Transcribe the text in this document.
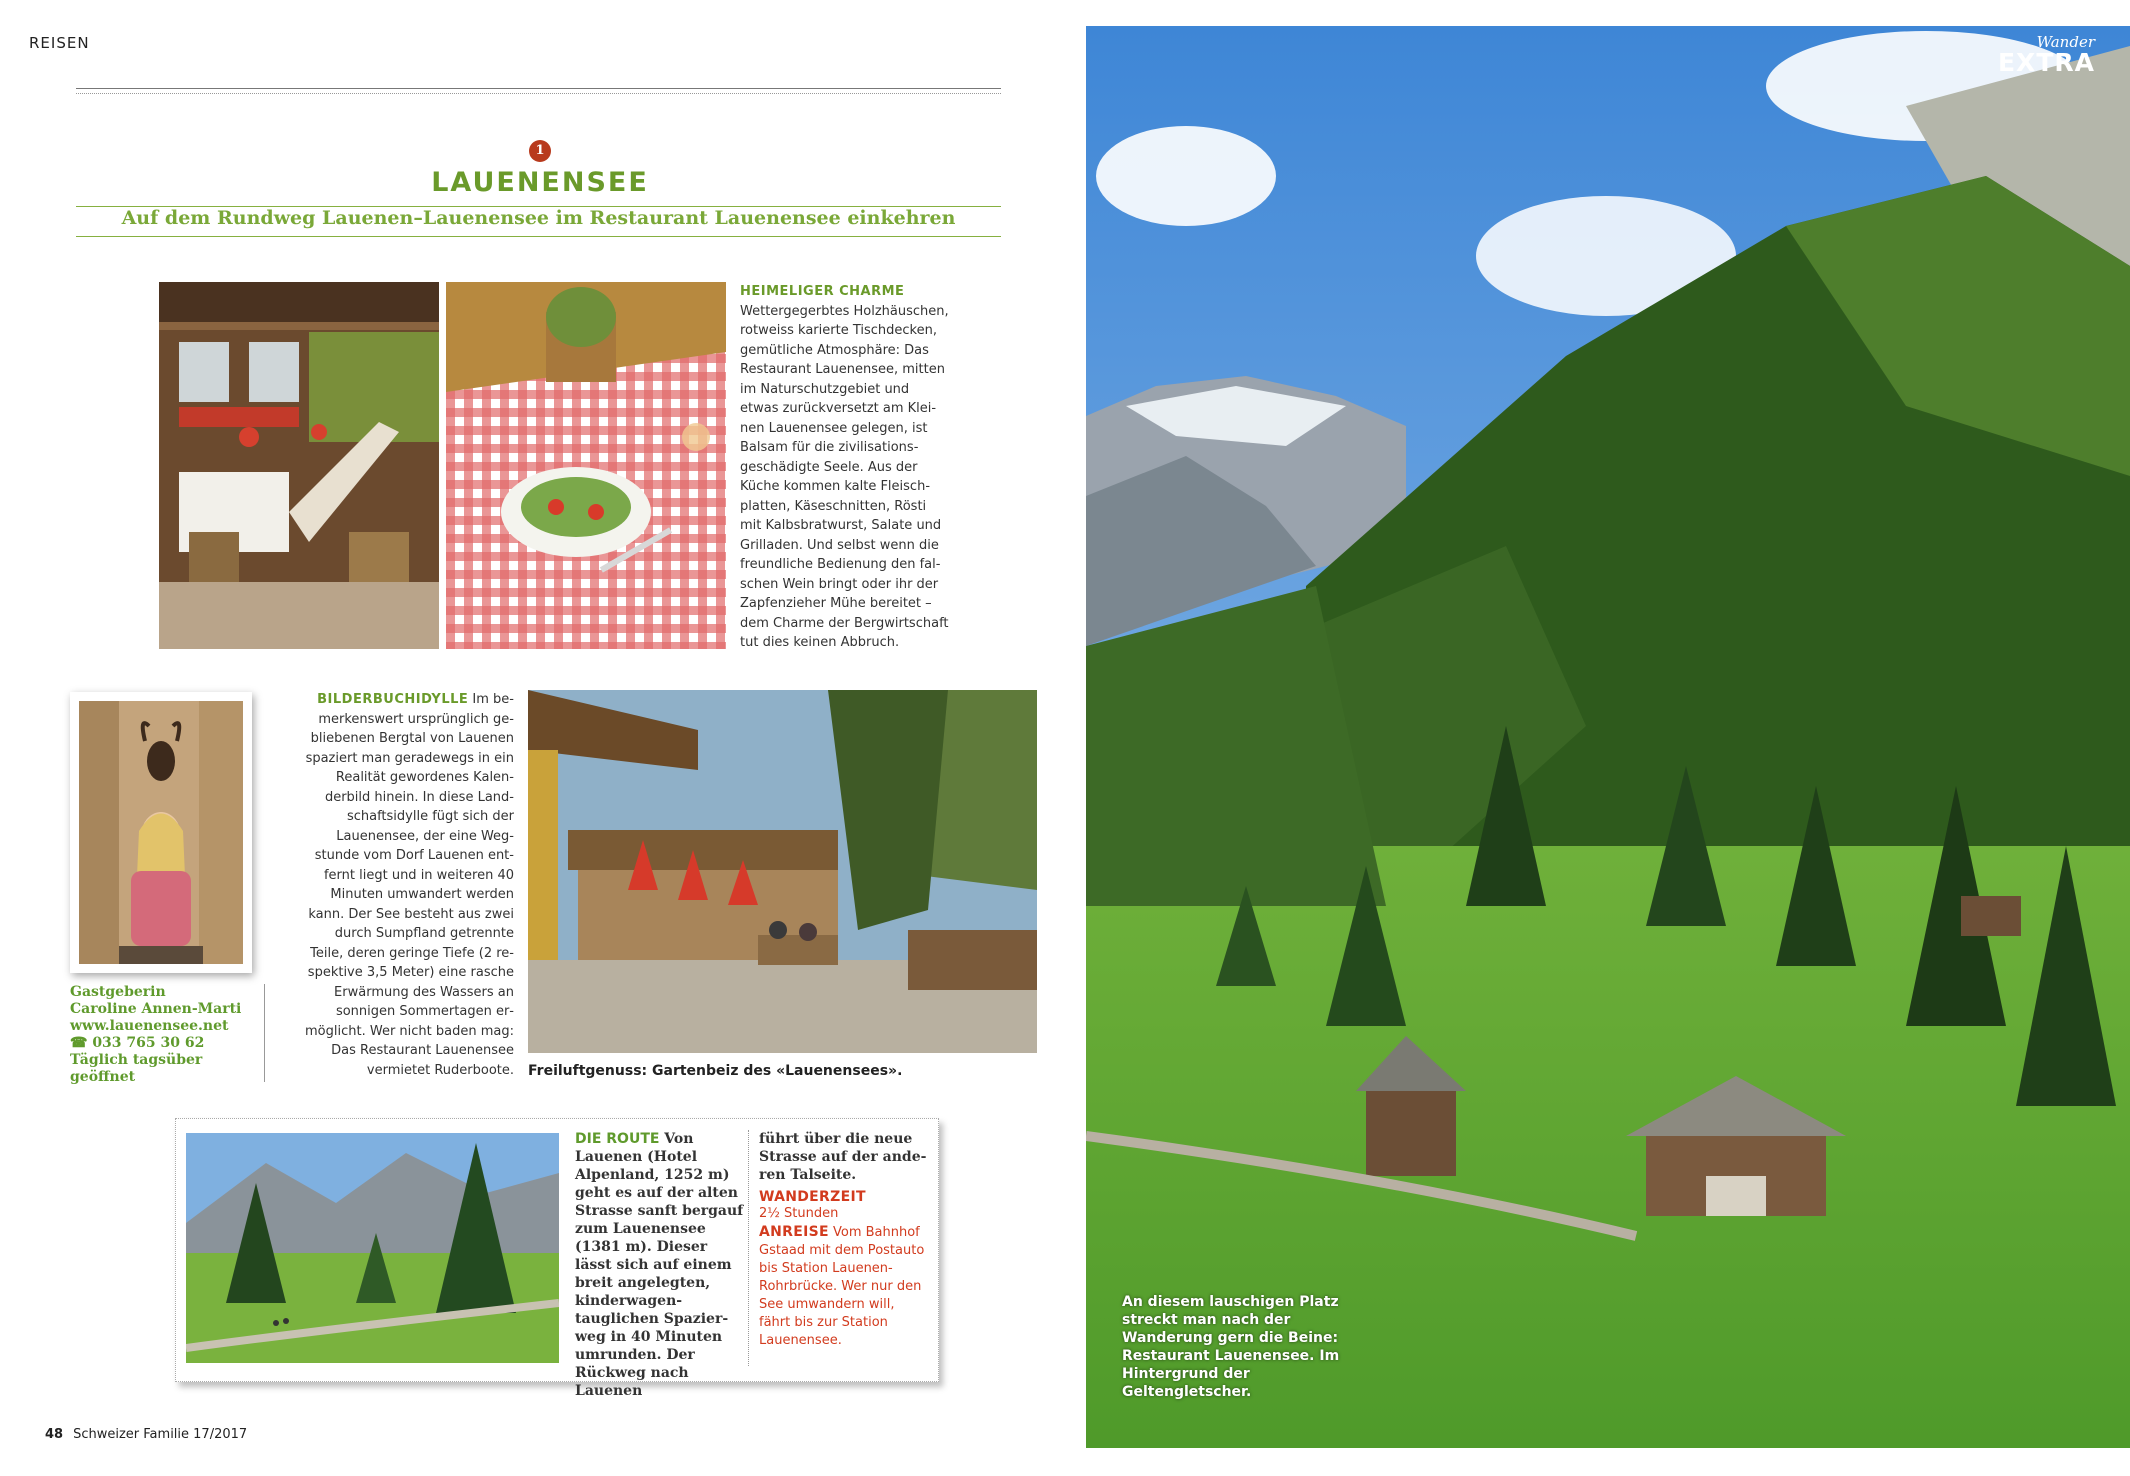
REISEN
1
LAUENENSEE
Auf dem Rundweg Lauenen–Lauenensee im Restaurant Lauenensee einkehren
HEIMELIGER CHARME Wettergegerbtes Holzhäuschen, rotweiss karierte Tischdecken, gemütliche Atmosphäre: Das Restaurant Lauenensee, mitten im Naturschutzgebiet und etwas zurückversetzt am Kleinen Lauenensee gelegen, ist Balsam für die zivilisationsgeschädigte Seele. Aus der Küche kommen kalte Fleischplatten, Käseschnitten, Rösti mit Kalbsbratwurst, Salate und Grilladen. Und selbst wenn die freundliche Bedienung den falschen Wein bringt oder ihr der Zapfenzieher Mühe bereitet – dem Charme der Bergwirtschaft tut dies keinen Abbruch.
Gastgeberin
Caroline Annen-Marti
www.lauenensee.net
☎ 033 765 30 62
Täglich tagsüber
geöffnet
BILDERBUCHIDYLLE Im bemerkenswert ursprünglich gebliebenen Bergtal von Lauenen spaziert man geradewegs in ein Realität gewordenes Kalenderbild hinein. In diese Landschaftsidylle fügt sich der Lauenensee, der eine Wegstunde vom Dorf Lauenen entfernt liegt und in weiteren 40 Minuten umwandert werden kann. Der See besteht aus zwei durch Sumpfland getrennte Teile, deren geringe Tiefe (2 respektive 3,5 Meter) eine rasche Erwärmung des Wassers an sonnigen Sommertagen ermöglicht. Wer nicht baden mag: Das Restaurant Lauenensee vermietet Ruderboote. Freiluftgenuss: Gartenbeiz des «Lauenensees».
DIE ROUTE Von Lauenen (Hotel Alpenland, 1252 m) geht es auf der alten Strasse sanft bergauf zum Lauenensee (1381 m). Dieser lässt sich auf einem breit angelegten, kinderwagentauglichen Spazierweg in 40 Minuten umrunden. Der Rückweg nach Lauenen
führt über die neue Strasse auf der anderen Talseite.
WANDERZEIT
2½ Stunden
ANREISE Vom Bahnhof Gstaad mit dem Postauto bis Station Lauenen-Rohrbrücke. Wer nur den See umwandern will, fährt bis zur Station Lauenensee.
48 Schweizer Familie 17/2017
Wander
EXTRA
An diesem lauschigen Platz streckt man nach der Wanderung gern die Beine: Restaurant Lauenensee. Im Hintergrund der Geltengletscher.
